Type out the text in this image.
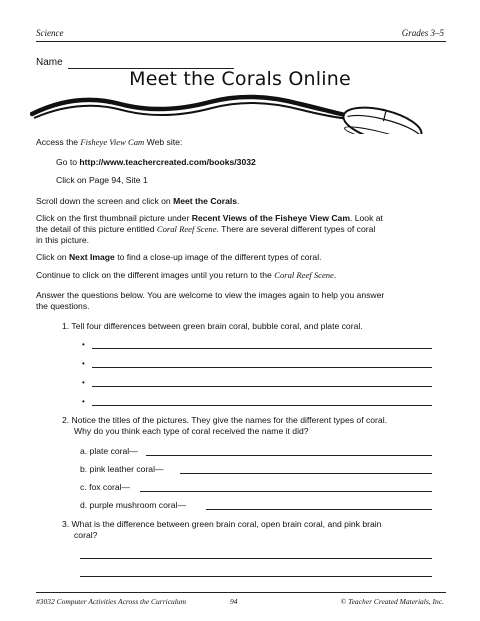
Science	Grades 3–5
Name
Meet the Corals Online
Access the Fisheye View Cam Web site:
Go to http://www.teachercreated.com/books/3032
Click on Page 94, Site 1
Scroll down the screen and click on Meet the Corals.
Click on the first thumbnail picture under Recent Views of the Fisheye View Cam. Look at
the detail of this picture entitled Coral Reef Scene. There are several different types of coral
in this picture.
Click on Next Image to find a close-up image of the different types of coral.
Continue to click on the different images until you return to the Coral Reef Scene.
Answer the questions below. You are welcome to view the images again to help you answer
the questions.
1. Tell four differences between green brain coral, bubble coral, and plate coral.
•
•
•
•
2. Notice the titles of the pictures. They give the names for the different types of coral.
Why do you think each type of coral received the name it did?
a. plate coral—
b. pink leather coral—
c. fox coral—
d. purple mushroom coral—
3. What is the difference between green brain coral, open brain coral, and pink brain
coral?
#3032 Computer Activities Across the Curriculum	94	© Teacher Created Materials, Inc.
